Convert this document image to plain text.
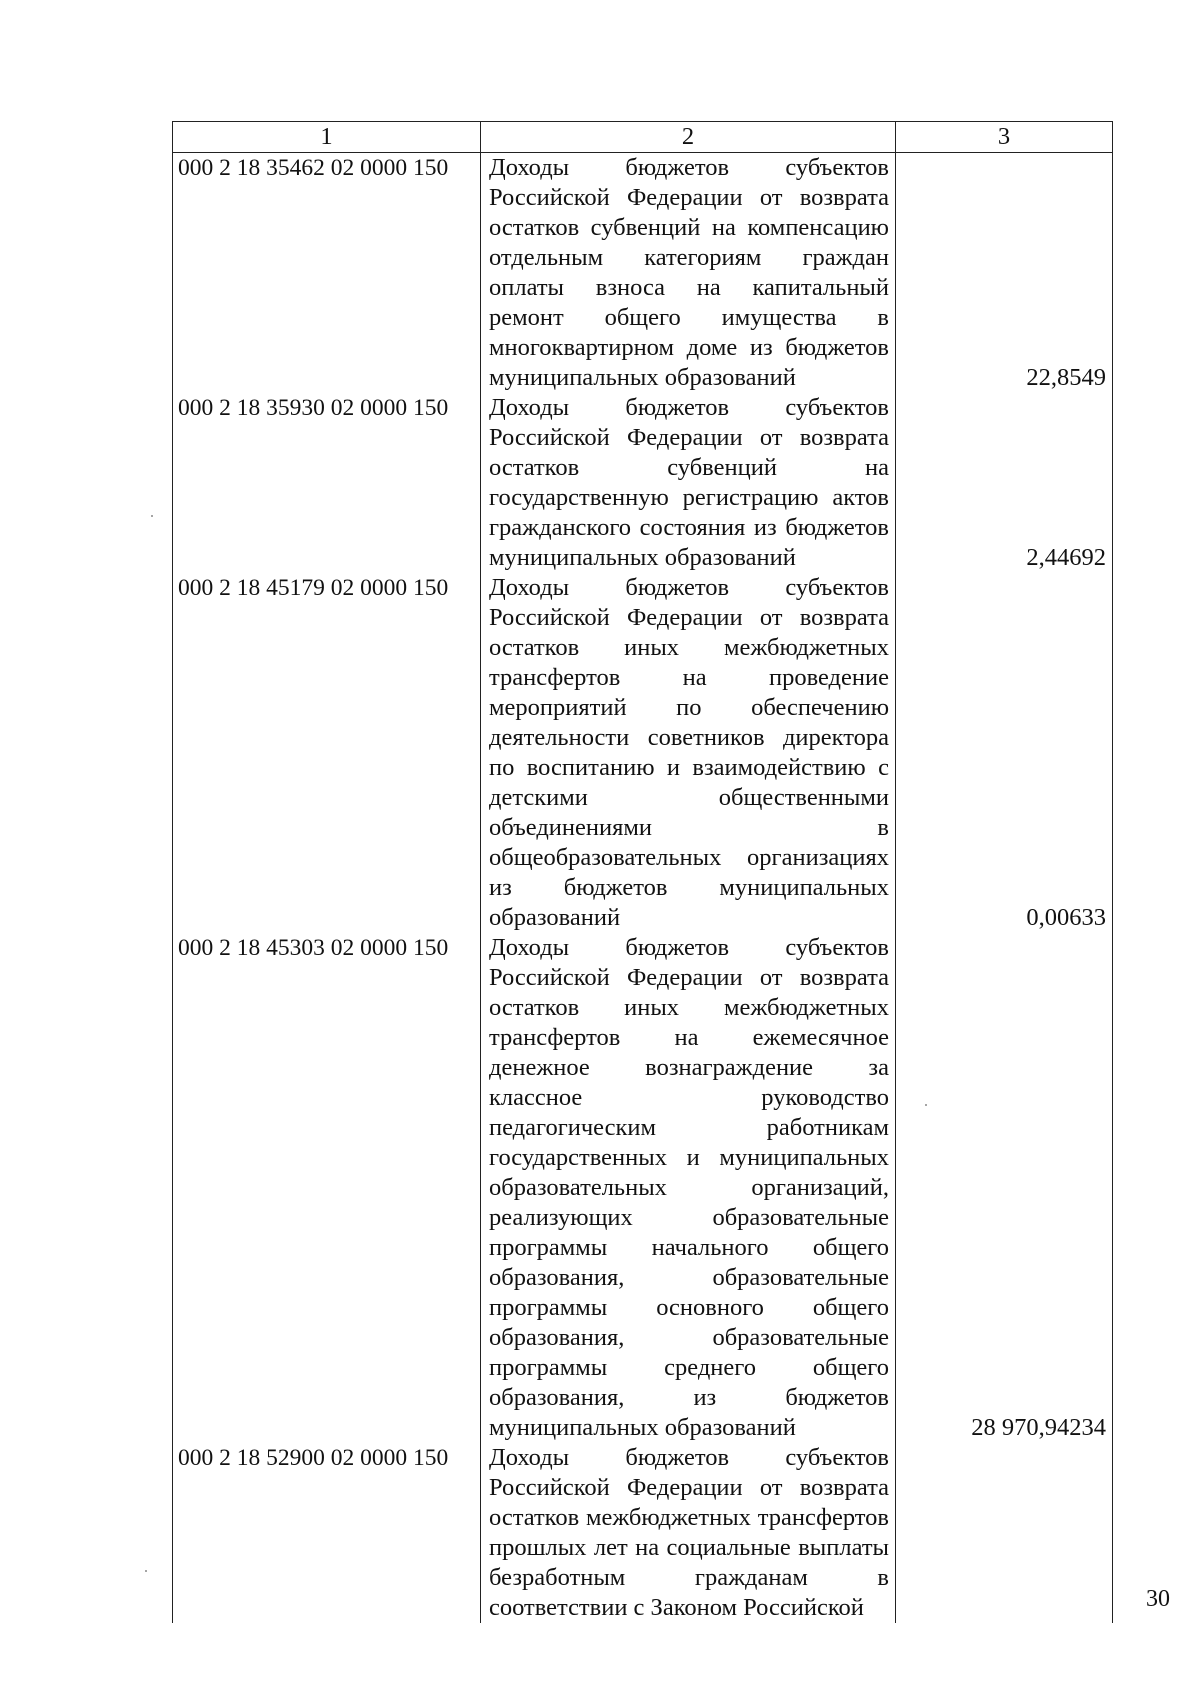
1	2	3
000 2 18 35462 02 0000 150	Доходы бюджетов субъектов Российской Федерации от возврата остатков субвенций на компенсацию отдельным категориям граждан оплаты взноса на капитальный ремонт общего имущества в многоквартирном доме из бюджетов муниципальных образований	22,8549
000 2 18 35930 02 0000 150	Доходы бюджетов субъектов Российской Федерации от возврата остатков субвенций на государственную регистрацию актов гражданского состояния из бюджетов муниципальных образований	2,44692
000 2 18 45179 02 0000 150	Доходы бюджетов субъектов Российской Федерации от возврата остатков иных межбюджетных трансфертов на проведение мероприятий по обеспечению деятельности советников директора по воспитанию и взаимодействию с детскими общественными объединениями в общеобразовательных организациях из бюджетов муниципальных образований	0,00633
000 2 18 45303 02 0000 150	Доходы бюджетов субъектов Российской Федерации от возврата остатков иных межбюджетных трансфертов на ежемесячное денежное вознаграждение за классное руководство педагогическим работникам государственных и муниципальных образовательных организаций, реализующих образовательные программы начального общего образования, образовательные программы основного общего образования, образовательные программы среднего общего образования, из бюджетов муниципальных образований	28 970,94234
000 2 18 52900 02 0000 150	Доходы бюджетов субъектов Российской Федерации от возврата остатков межбюджетных трансфертов прошлых лет на социальные выплаты безработным гражданам в соответствии с Законом Российской		30
